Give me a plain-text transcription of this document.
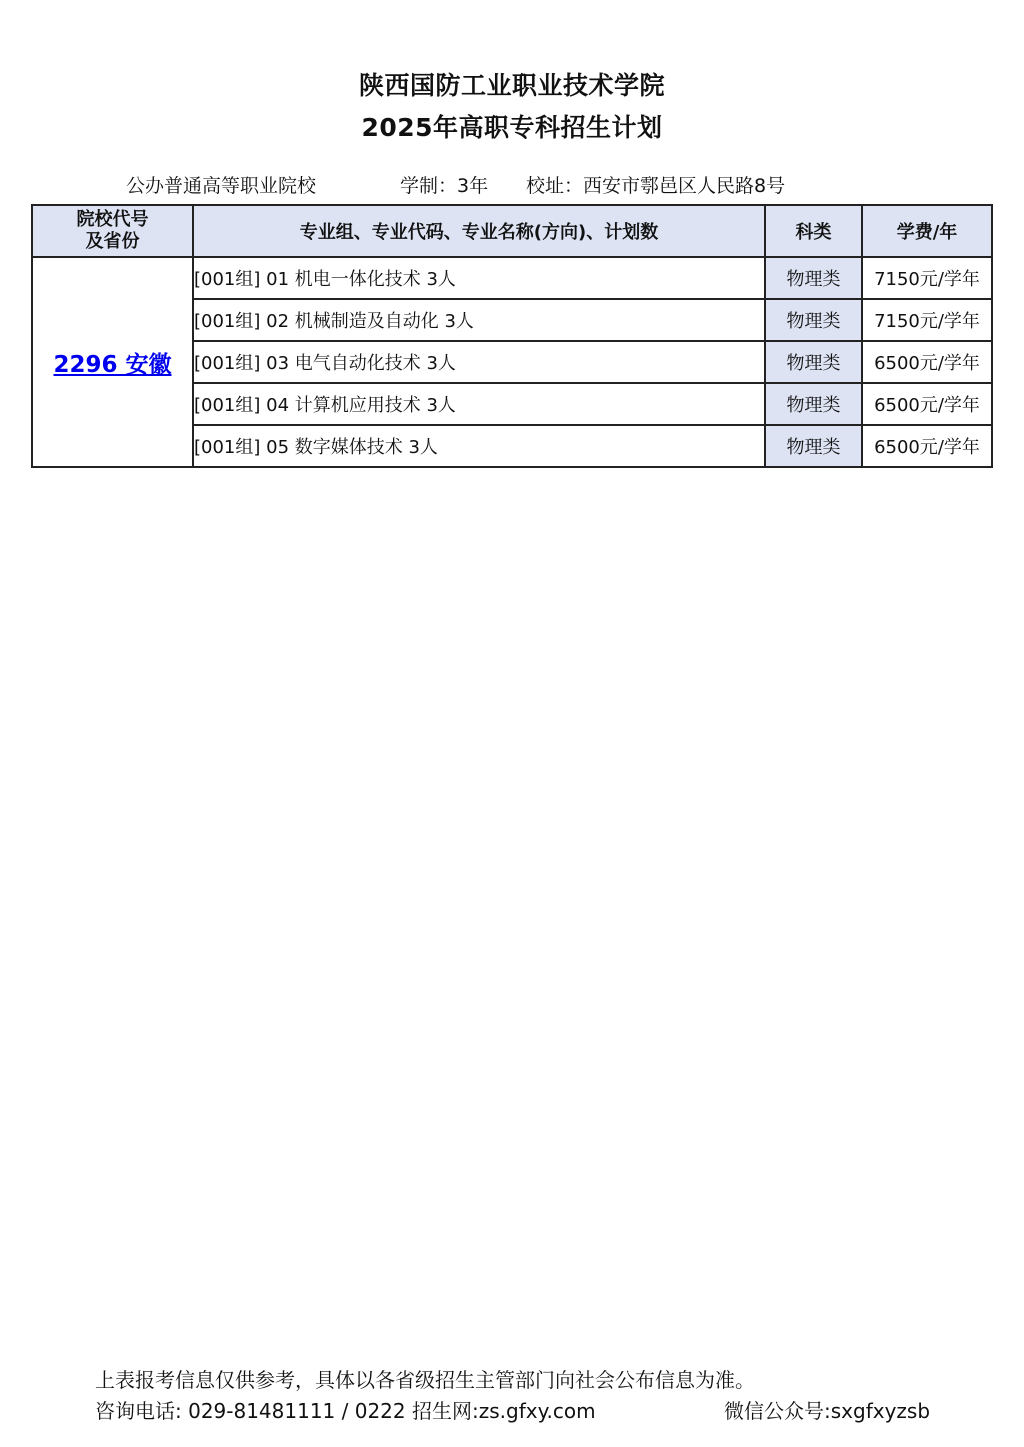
陕西国防工业职业技术学院
2025年高职专科招生计划
公办普通高等职业院校	学制：3年 校址：西安市鄠邑区人民路8号
院校代号
及省份	专业组、专业代码、专业名称(方向)、计划数	科类	学费/年
2296 安徽	[001组] 01 机电一体化技术 3人	物理类	7150元/学年
	[001组] 02 机械制造及自动化 3人	物理类	7150元/学年
	[001组] 03 电气自动化技术 3人	物理类	6500元/学年
	[001组] 04 计算机应用技术 3人	物理类	6500元/学年
	[001组] 05 数字媒体技术 3人	物理类	6500元/学年
上表报考信息仅供参考，具体以各省级招生主管部门向社会公布信息为准。
咨询电话: 029-81481111 / 0222 招生网:zs.gfxy.com	微信公众号:sxgfxyzsb
